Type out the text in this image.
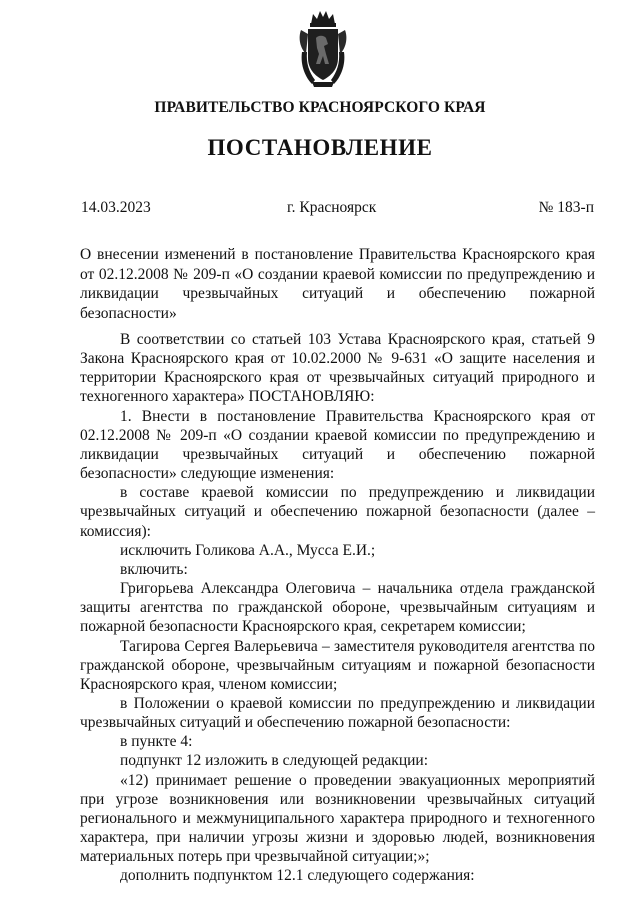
ПРАВИТЕЛЬСТВО КРАСНОЯРСКОГО КРАЯ
ПОСТАНОВЛЕНИЕ
14.03.2023	г. Красноярск	№ 183-п
О внесении изменений в постановление Правительства Красноярского края от 02.12.2008 № 209-п «О создании краевой комиссии по предупреждению и ликвидации чрезвычайных ситуаций и обеспечению пожарной безопасности»

В соответствии со статьей 103 Устава Красноярского края, статьей 9 Закона Красноярского края от 10.02.2000 № 9-631 «О защите населения и территории Красноярского края от чрезвычайных ситуаций природного и техногенного характера» ПОСТАНОВЛЯЮ:

1. Внести в постановление Правительства Красноярского края от 02.12.2008 № 209-п «О создании краевой комиссии по предупреждению и ликвидации чрезвычайных ситуаций и обеспечению пожарной безопасности» следующие изменения:

в составе краевой комиссии по предупреждению и ликвидации чрезвычайных ситуаций и обеспечению пожарной безопасности (далее – комиссия):

исключить Голикова А.А., Мусса Е.И.;

включить:

Григорьева Александра Олеговича – начальника отдела гражданской защиты агентства по гражданской обороне, чрезвычайным ситуациям и пожарной безопасности Красноярского края, секретарем комиссии;

Тагирова Сергея Валерьевича – заместителя руководителя агентства по гражданской обороне, чрезвычайным ситуациям и пожарной безопасности Красноярского края, членом комиссии;

в Положении о краевой комиссии по предупреждению и ликвидации чрезвычайных ситуаций и обеспечению пожарной безопасности:

в пункте 4:

подпункт 12 изложить в следующей редакции:

«12) принимает решение о проведении эвакуационных мероприятий при угрозе возникновения или возникновении чрезвычайных ситуаций регионального и межмуниципального характера природного и техногенного характера, при наличии угрозы жизни и здоровью людей, возникновения материальных потерь при чрезвычайной ситуации;»;

дополнить подпунктом 12.1 следующего содержания:
